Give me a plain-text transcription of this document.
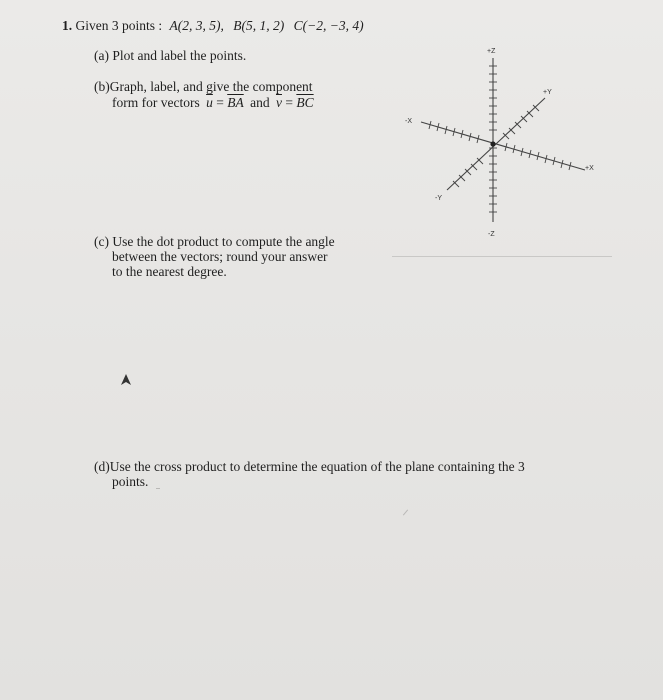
1. Given 3 points : A(2, 3, 5), B(5, 1, 2) C(−2, −3, 4)
(a) Plot and label the points.
(b)Graph, label, and give the component
form for vectors $\overline{u} = \overline{BA}$ and $\overline{v} = \overline{BC}$
+Z
-Z
+X
-X
+Y
-Y
(c) Use the dot product to compute the angle
between the vectors; round your answer
to the nearest degree.
(d)Use the cross product to determine the equation of the plane containing the 3
points.
